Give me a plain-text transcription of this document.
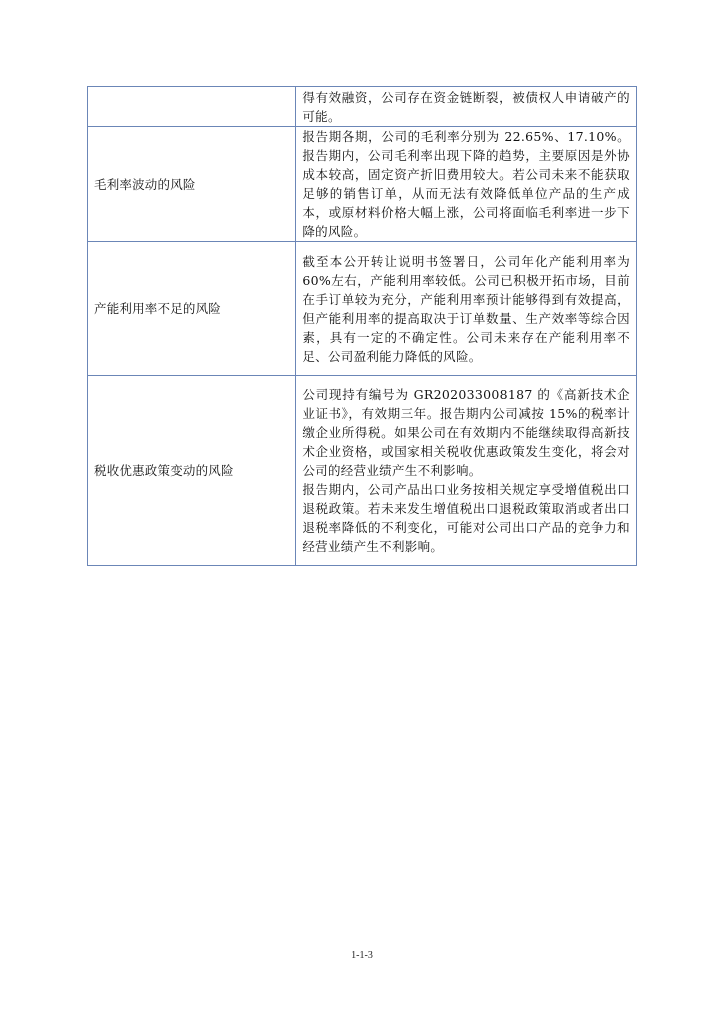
	得有效融资，公司存在资金链断裂，被债权人申请破产的可能。

毛利率波动的风险	报告期各期，公司的毛利率分别为 22.65%、17.10%。报告期内，公司毛利率出现下降的趋势，主要原因是外协成本较高，固定资产折旧费用较大。若公司未来不能获取足够的销售订单，从而无法有效降低单位产品的生产成本，或原材料价格大幅上涨，公司将面临毛利率进一步下降的风险。

产能利用率不足的风险	截至本公开转让说明书签署日，公司年化产能利用率为 60%左右，产能利用率较低。公司已积极开拓市场，目前在手订单较为充分，产能利用率预计能够得到有效提高，但产能利用率的提高取决于订单数量、生产效率等综合因素，具有一定的不确定性。公司未来存在产能利用率不足、公司盈利能力降低的风险。

税收优惠政策变动的风险	公司现持有编号为 GR202033008187 的《高新技术企业证书》，有效期三年。报告期内公司减按 15%的税率计缴企业所得税。如果公司在有效期内不能继续取得高新技术企业资格，或国家相关税收优惠政策发生变化，将会对公司的经营业绩产生不利影响。

报告期内，公司产品出口业务按相关规定享受增值税出口退税政策。若未来发生增值税出口退税政策取消或者出口退税率降低的不利变化，可能对公司出口产品的竞争力和经营业绩产生不利影响。

1-1-3
